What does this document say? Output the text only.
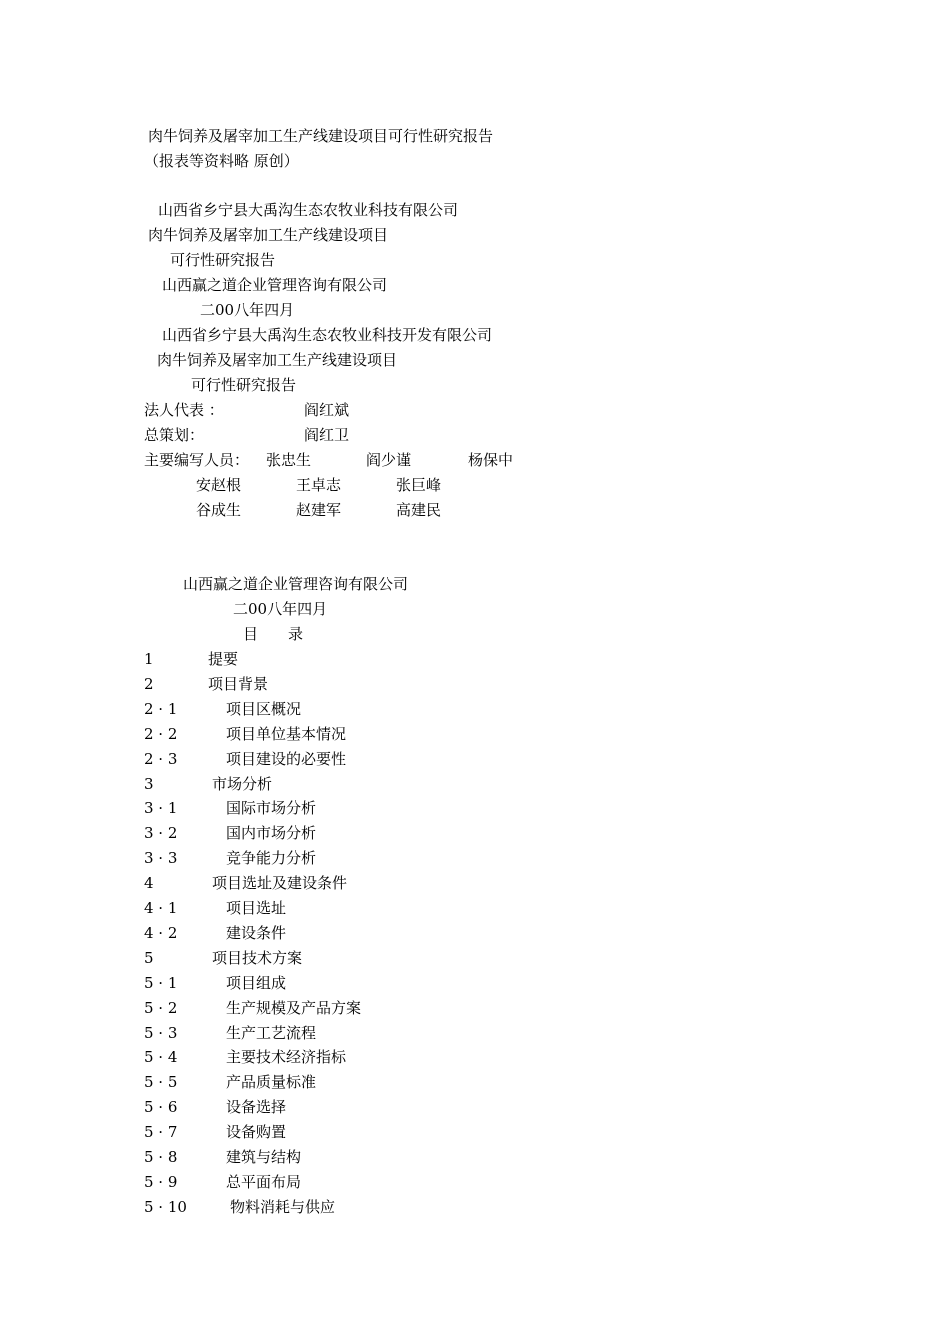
肉牛饲养及屠宰加工生产线建设项目可行性研究报告
（报表等资料略 原创）
山西省乡宁县大禹沟生态农牧业科技有限公司
肉牛饲养及屠宰加工生产线建设项目
可行性研究报告
山西赢之道企业管理咨询有限公司
二00八年四月
山西省乡宁县大禹沟生态农牧业科技开发有限公司
肉牛饲养及屠宰加工生产线建设项目
可行性研究报告
法人代表 ：	阎红斌
总策划：	阎红卫
主要编写人员： 张忠生	阎少谨	杨保中
安赵根	王卓志	张巨峰
谷成生	赵建军	高建民
山西赢之道企业管理咨询有限公司
二00八年四月
目　　录
1	提要
2	项目背景
2 · 1	项目区概况
2 · 2	项目单位基本情况
2 · 3	项目建设的必要性
3	市场分析
3 · 1	国际市场分析
3 · 2	国内市场分析
3 · 3	竞争能力分析
4	项目选址及建设条件
4 · 1	项目选址
4 · 2	建设条件
5	项目技术方案
5 · 1	项目组成
5 · 2	生产规模及产品方案
5 · 3	生产工艺流程
5 · 4	主要技术经济指标
5 · 5	产品质量标准
5 · 6	设备选择
5 · 7	设备购置
5 · 8	建筑与结构
5 · 9	总平面布局
5 · 10	物料消耗与供应
